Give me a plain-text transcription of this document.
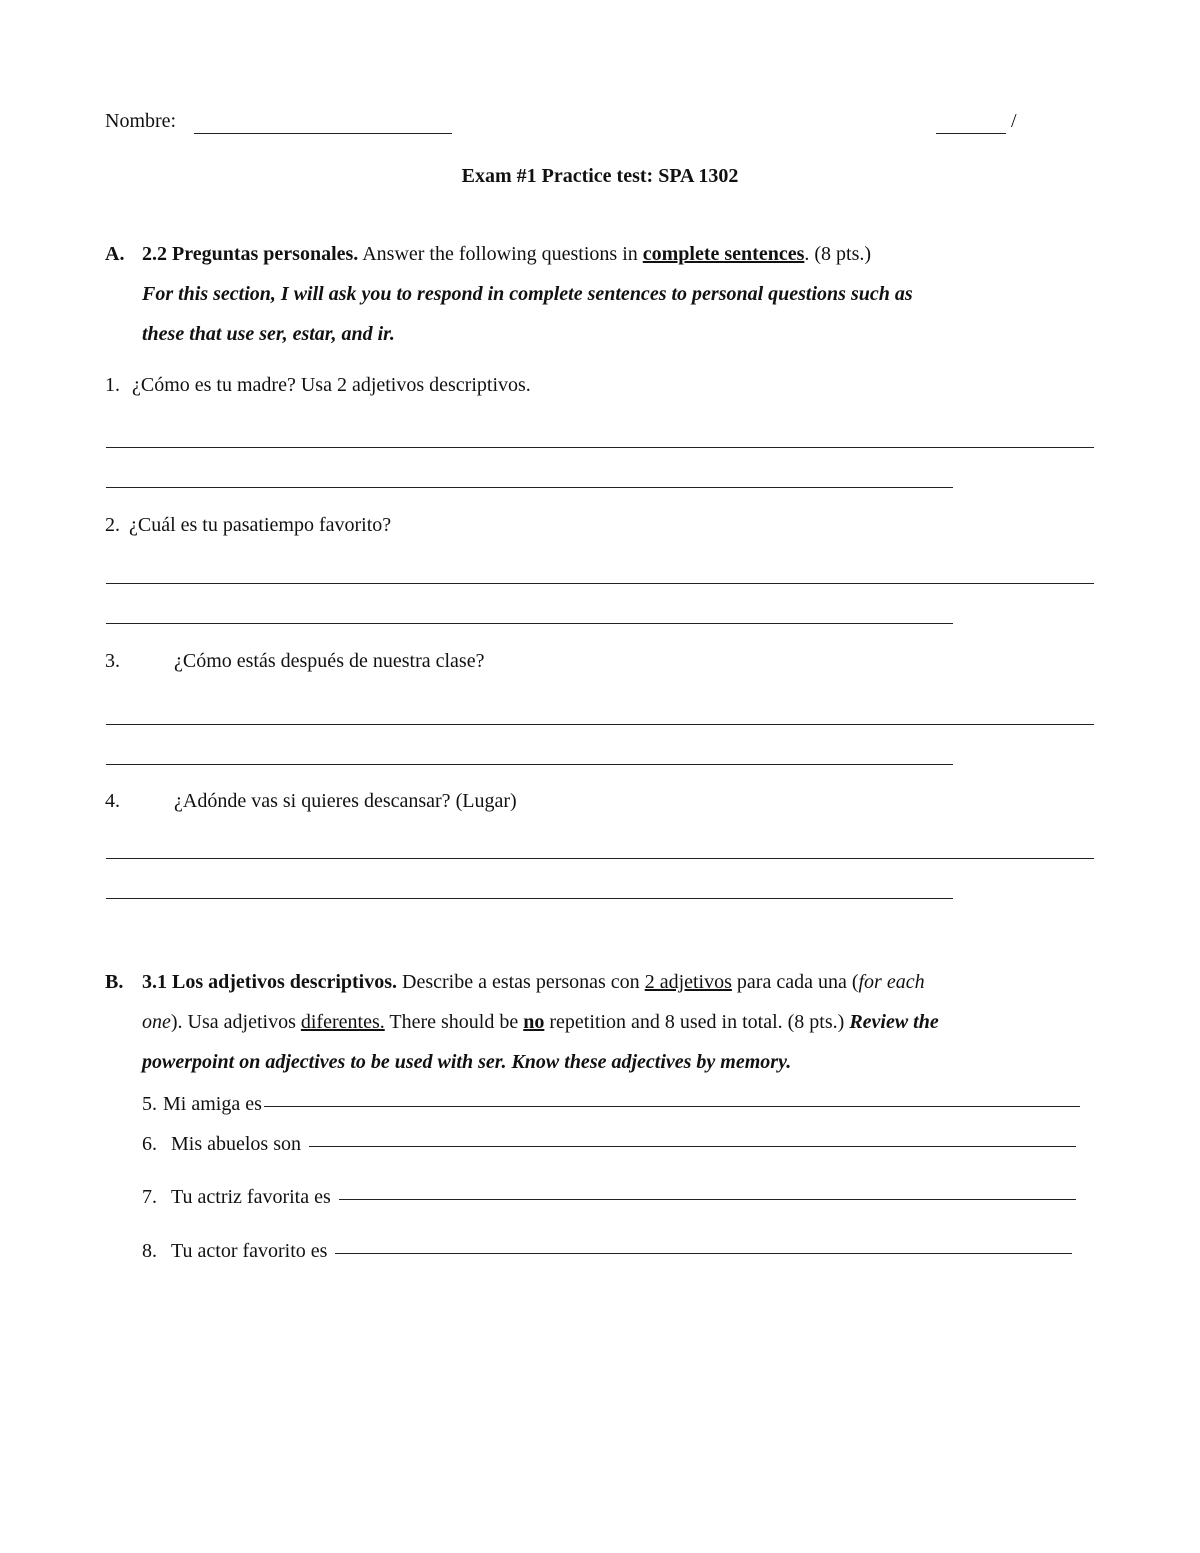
Nombre:	/
Exam #1 Practice test: SPA 1302
A. 2.2 Preguntas personales. Answer the following questions in complete sentences. (8 pts.)
For this section, I will ask you to respond in complete sentences to personal questions such as
these that use ser, estar, and ir.
1. ¿Cómo es tu madre? Usa 2 adjetivos descriptivos.
2. ¿Cuál es tu pasatiempo favorito?
3.	¿Cómo estás después de nuestra clase?
4.	¿Adónde vas si quieres descansar? (Lugar)
B. 3.1 Los adjetivos descriptivos. Describe a estas personas con 2 adjetivos para cada una (for each
one). Usa adjetivos diferentes. There should be no repetition and 8 used in total. (8 pts.) Review the
powerpoint on adjectives to be used with ser. Know these adjectives by memory.
5. Mi amiga es
6. Mis abuelos son
7. Tu actriz favorita es
8. Tu actor favorito es
